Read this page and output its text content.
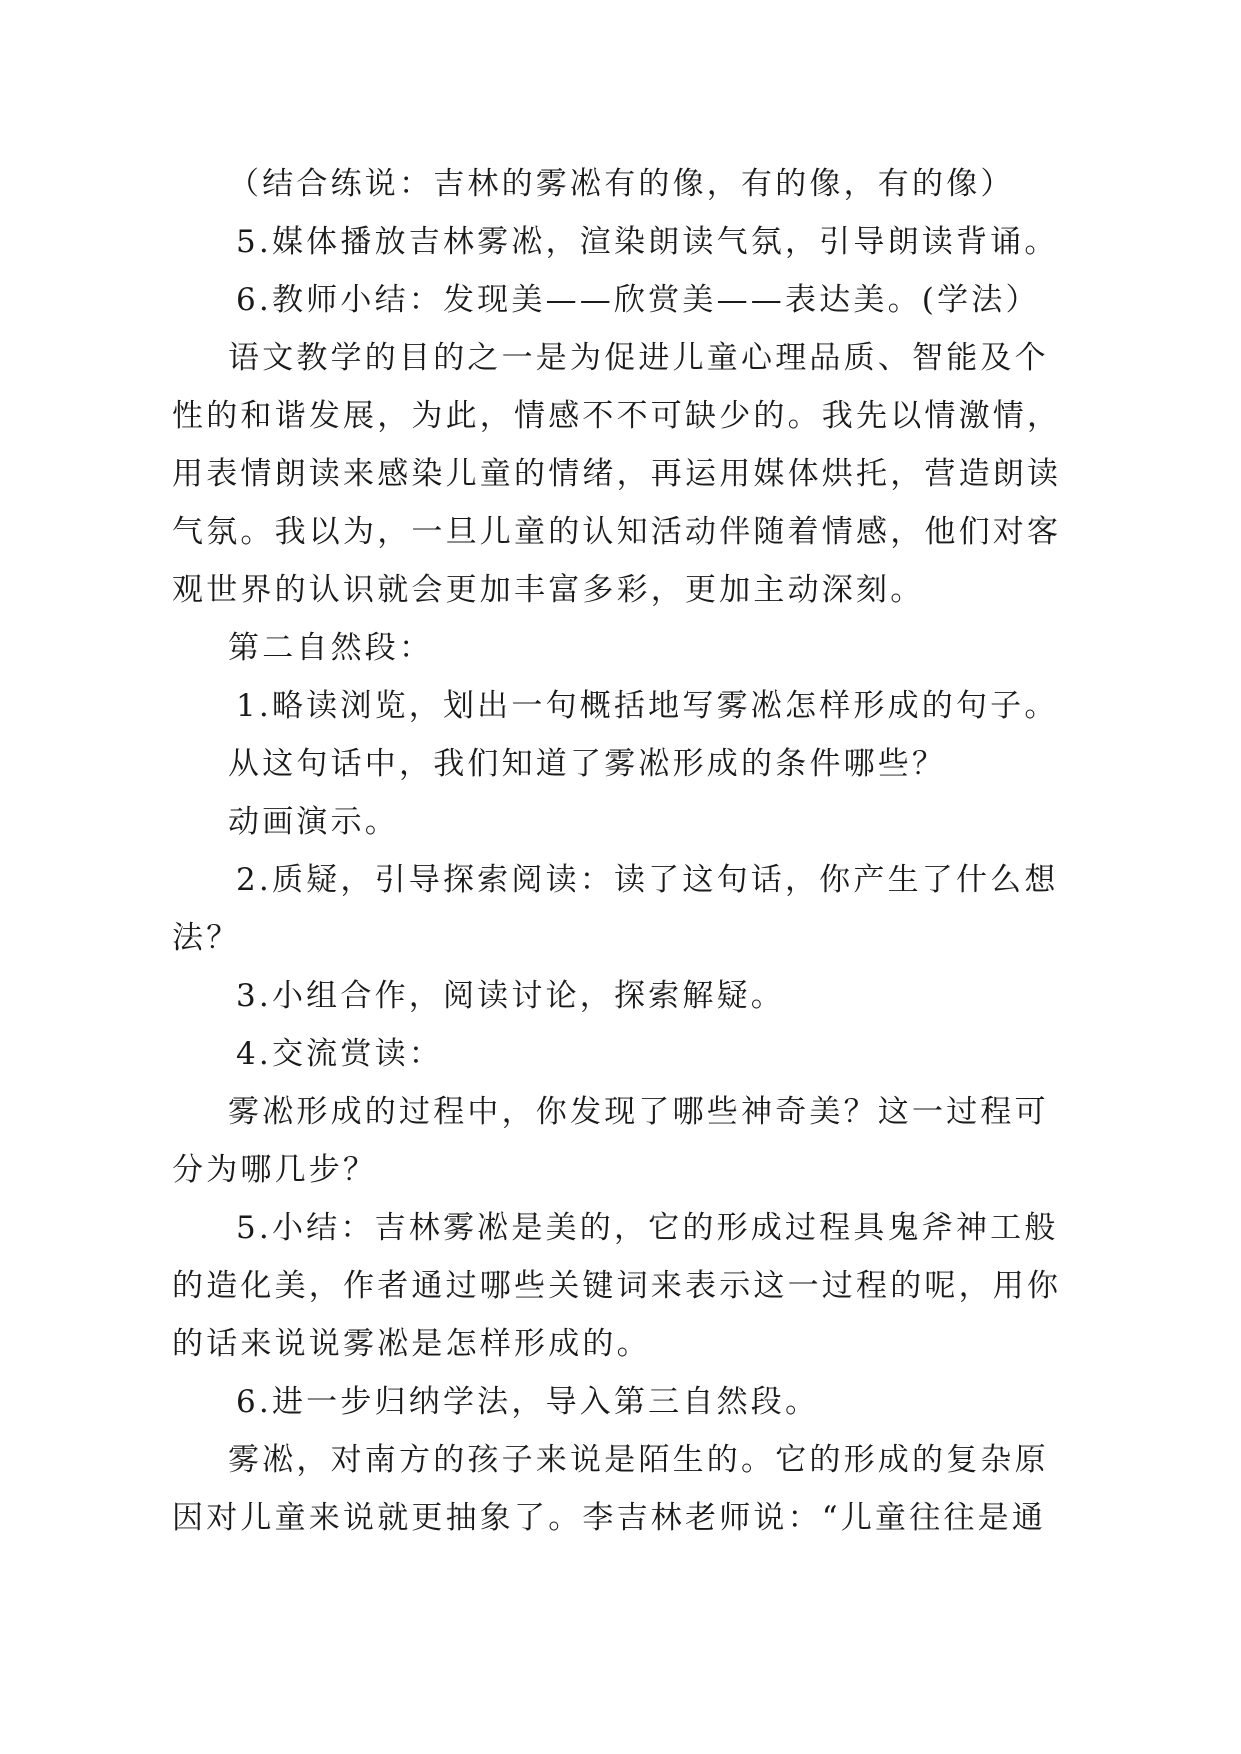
（结合练说：吉林的雾凇有的像，有的像，有的像）
5.媒体播放吉林雾凇，渲染朗读气氛，引导朗读背诵。
6.教师小结：发现美——欣赏美——表达美。(学法）
语文教学的目的之一是为促进儿童心理品质、智能及个
性的和谐发展，为此，情感不不可缺少的。我先以情激情，
用表情朗读来感染儿童的情绪，再运用媒体烘托，营造朗读
气氛。我以为，一旦儿童的认知活动伴随着情感，他们对客
观世界的认识就会更加丰富多彩，更加主动深刻。
第二自然段：
1.略读浏览，划出一句概括地写雾凇怎样形成的句子。
从这句话中，我们知道了雾凇形成的条件哪些？
动画演示。
2.质疑，引导探索阅读：读了这句话，你产生了什么想
法？
3.小组合作，阅读讨论，探索解疑。
4.交流赏读：
雾凇形成的过程中，你发现了哪些神奇美？这一过程可
分为哪几步？
5.小结：吉林雾凇是美的，它的形成过程具鬼斧神工般
的造化美，作者通过哪些关键词来表示这一过程的呢，用你
的话来说说雾凇是怎样形成的。
6.进一步归纳学法，导入第三自然段。
雾凇，对南方的孩子来说是陌生的。它的形成的复杂原
因对儿童来说就更抽象了。李吉林老师说：“儿童往往是通
